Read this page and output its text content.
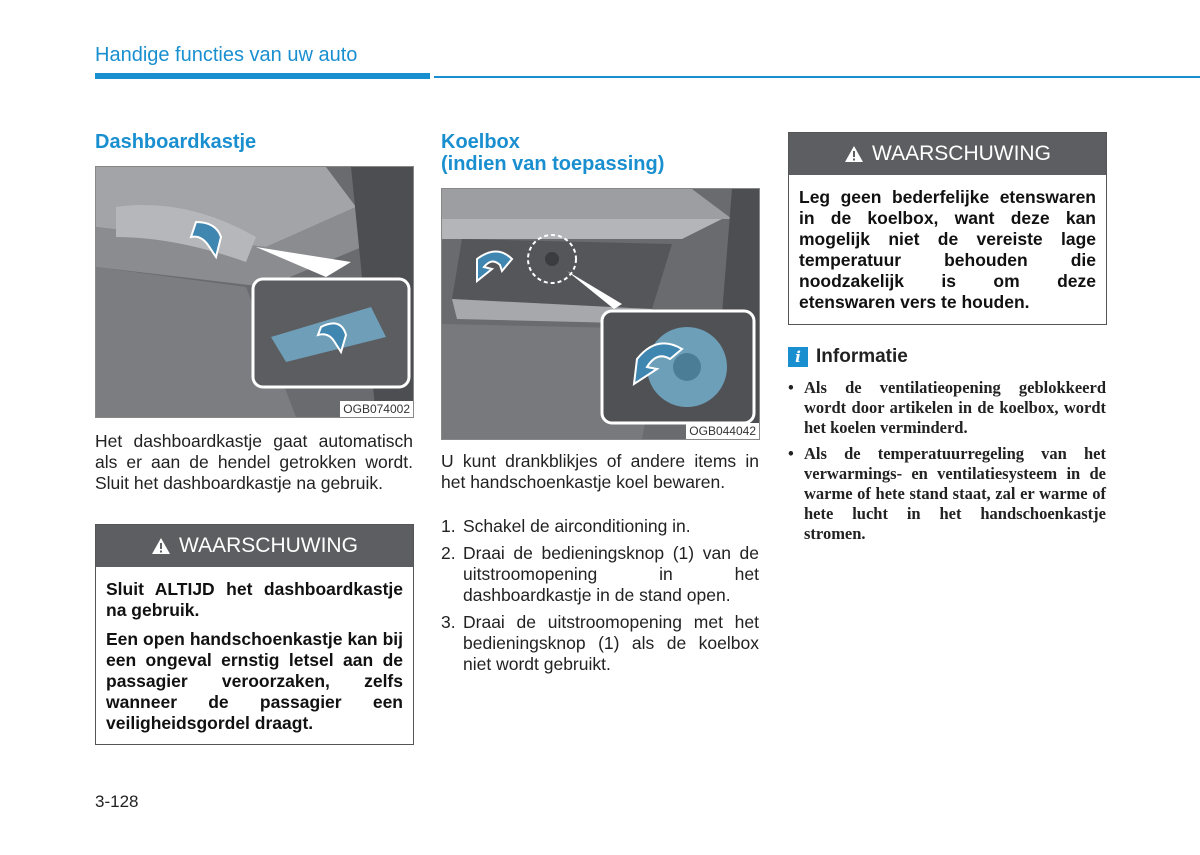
Handige functies van uw auto
Dashboardkastje
OGB074002
Het dashboardkastje gaat automatisch als er aan de hendel getrokken wordt. Sluit het dashboardkastje na gebruik.
WAARSCHUWING

Sluit ALTIJD het dashboardkastje na gebruik.

Een open handschoenkastje kan bij een ongeval ernstig letsel aan de passagier veroorzaken, zelfs wanneer de passagier een veiligheidsgordel draagt.

Koelbox
(indien van toepassing)
OGB044042
U kunt drankblikjes of andere items in het handschoenkastje koel bewaren.
1. Schakel de airconditioning in.
2. Draai de bedieningsknop (1) van de uitstroomopening in het dashboardkastje in de stand open.
3. Draai de uitstroomopening met het bedieningsknop (1) als de koelbox niet wordt gebruikt.
WAARSCHUWING

Leg geen bederfelijke etenswaren in de koelbox, want deze kan mogelijk niet de vereiste lage temperatuur behouden die noodzakelijk is om deze etenswaren vers te houden.

i Informatie
• Als de ventilatieopening geblokkeerd wordt door artikelen in de koelbox, wordt het koelen verminderd.
• Als de temperatuurregeling van het verwarmings- en ventilatiesysteem in de warme of hete stand staat, zal er warme of hete lucht in het handschoenkastje stromen.
3-128
